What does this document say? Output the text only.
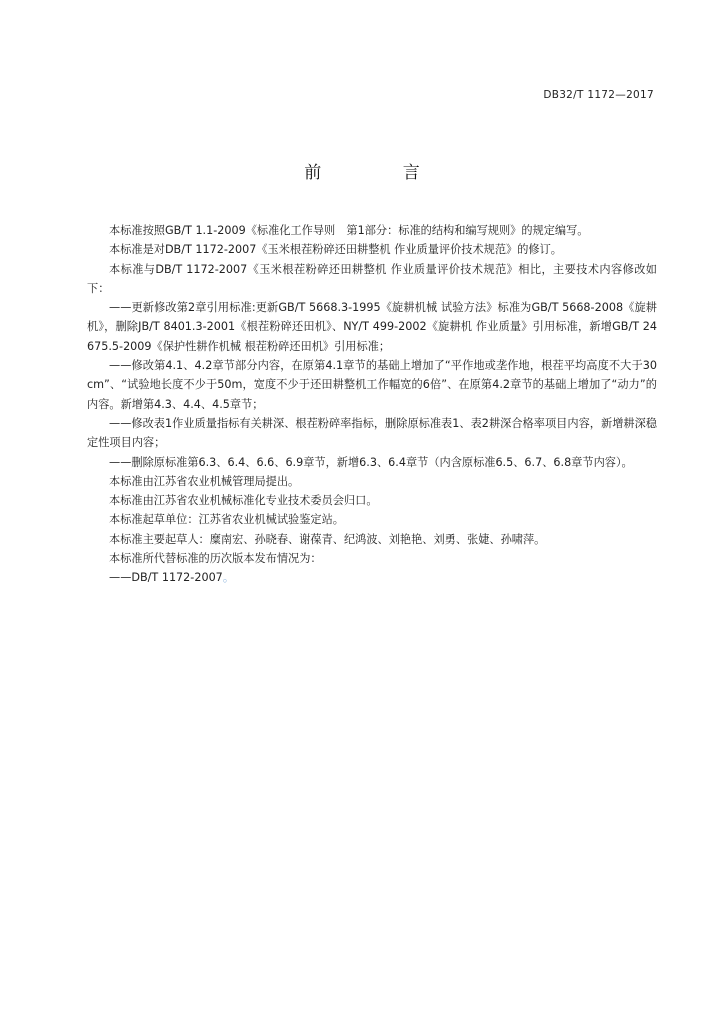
DB32/T 1172—2017
前 言

本标准按照GB/T 1.1-2009《标准化工作导则　第1部分：标准的结构和编写规则》的规定编写。

本标准是对DB/T 1172-2007《玉米根茬粉碎还田耕整机 作业质量评价技术规范》的修订。

本标准与DB/T 1172-2007《玉米根茬粉碎还田耕整机 作业质量评价技术规范》相比，主要技术内容修改如下：

——更新修改第2章引用标准:更新GB/T 5668.3-1995《旋耕机械 试验方法》标准为GB/T 5668-2008《旋耕机》，删除JB/T 8401.3-2001《根茬粉碎还田机》、NY/T 499-2002《旋耕机 作业质量》引用标准，新增GB/T 24675.5-2009《保护性耕作机械 根茬粉碎还田机》引用标准；

——修改第4.1、4.2章节部分内容，在原第4.1章节的基础上增加了“平作地或垄作地，根茬平均高度不大于30cm”、“试验地长度不少于50m，宽度不少于还田耕整机工作幅宽的6倍”、在原第4.2章节的基础上增加了“动力”的内容。新增第4.3、4.4、4.5章节；

——修改表1作业质量指标有关耕深、根茬粉碎率指标，删除原标准表1、表2耕深合格率项目内容，新增耕深稳定性项目内容；

——删除原标准第6.3、6.4、6.6、6.9章节，新增6.3、6.4章节（内含原标准6.5、6.7、6.8章节内容）。

本标准由江苏省农业机械管理局提出。

本标准由江苏省农业机械标准化专业技术委员会归口。

本标准起草单位：江苏省农业机械试验鉴定站。

本标准主要起草人：糜南宏、孙晓春、谢葆青、纪鸿波、刘艳艳、刘勇、张婕、孙啸萍。

本标准所代替标准的历次版本发布情况为：

——DB/T 1172-2007。
